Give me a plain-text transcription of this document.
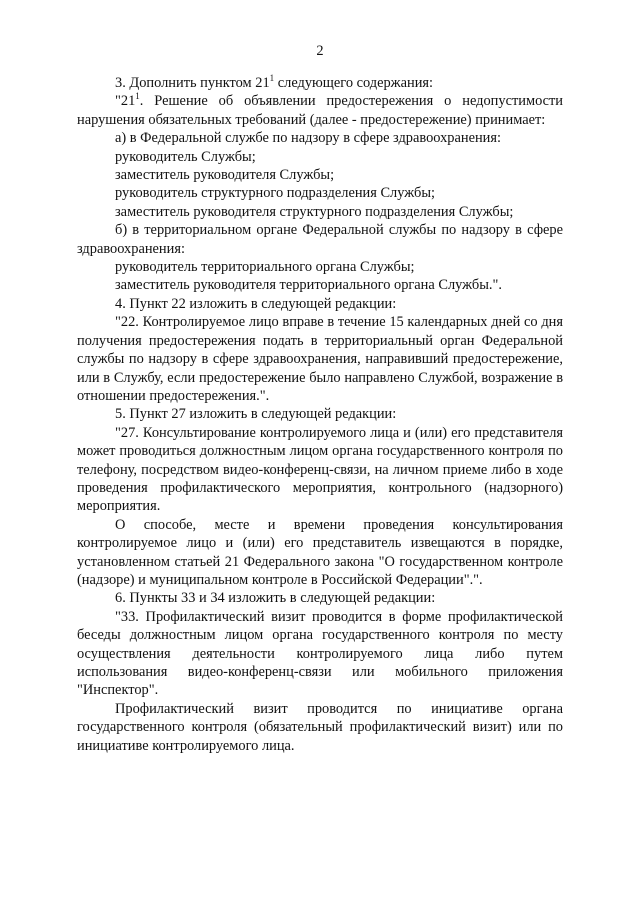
2

3. Дополнить пунктом $21^1$ следующего содержания:

"$21^1$. Решение об объявлении предостережения о недопустимости нарушения обязательных требований (далее - предостережение) принимает:

а) в Федеральной службе по надзору в сфере здравоохранения:

руководитель Службы;

заместитель руководителя Службы;

руководитель структурного подразделения Службы;

заместитель руководителя структурного подразделения Службы;

б) в территориальном органе Федеральной службы по надзору в сфере здравоохранения:

руководитель территориального органа Службы;

заместитель руководителя территориального органа Службы.".

4. Пункт 22 изложить в следующей редакции:

"22. Контролируемое лицо вправе в течение 15 календарных дней со дня получения предостережения подать в территориальный орган Федеральной службы по надзору в сфере здравоохранения, направивший предостережение, или в Службу, если предостережение было направлено Службой, возражение в отношении предостережения.".

5. Пункт 27 изложить в следующей редакции:

"27. Консультирование контролируемого лица и (или) его представителя может проводиться должностным лицом органа государственного контроля по телефону, посредством видео-конференц-связи, на личном приеме либо в ходе проведения профилактического мероприятия, контрольного (надзорного) мероприятия.

О способе, месте и времени проведения консультирования контролируемое лицо и (или) его представитель извещаются в порядке, установленном статьей 21 Федерального закона "О государственном контроле (надзоре) и муниципальном контроле в Российской Федерации".".

6. Пункты 33 и 34 изложить в следующей редакции:

"33. Профилактический визит проводится в форме профилактической беседы должностным лицом органа государственного контроля по месту осуществления деятельности контролируемого лица либо путем использования видео-конференц-связи или мобильного приложения "Инспектор".

Профилактический визит проводится по инициативе органа государственного контроля (обязательный профилактический визит) или по инициативе контролируемого лица.
